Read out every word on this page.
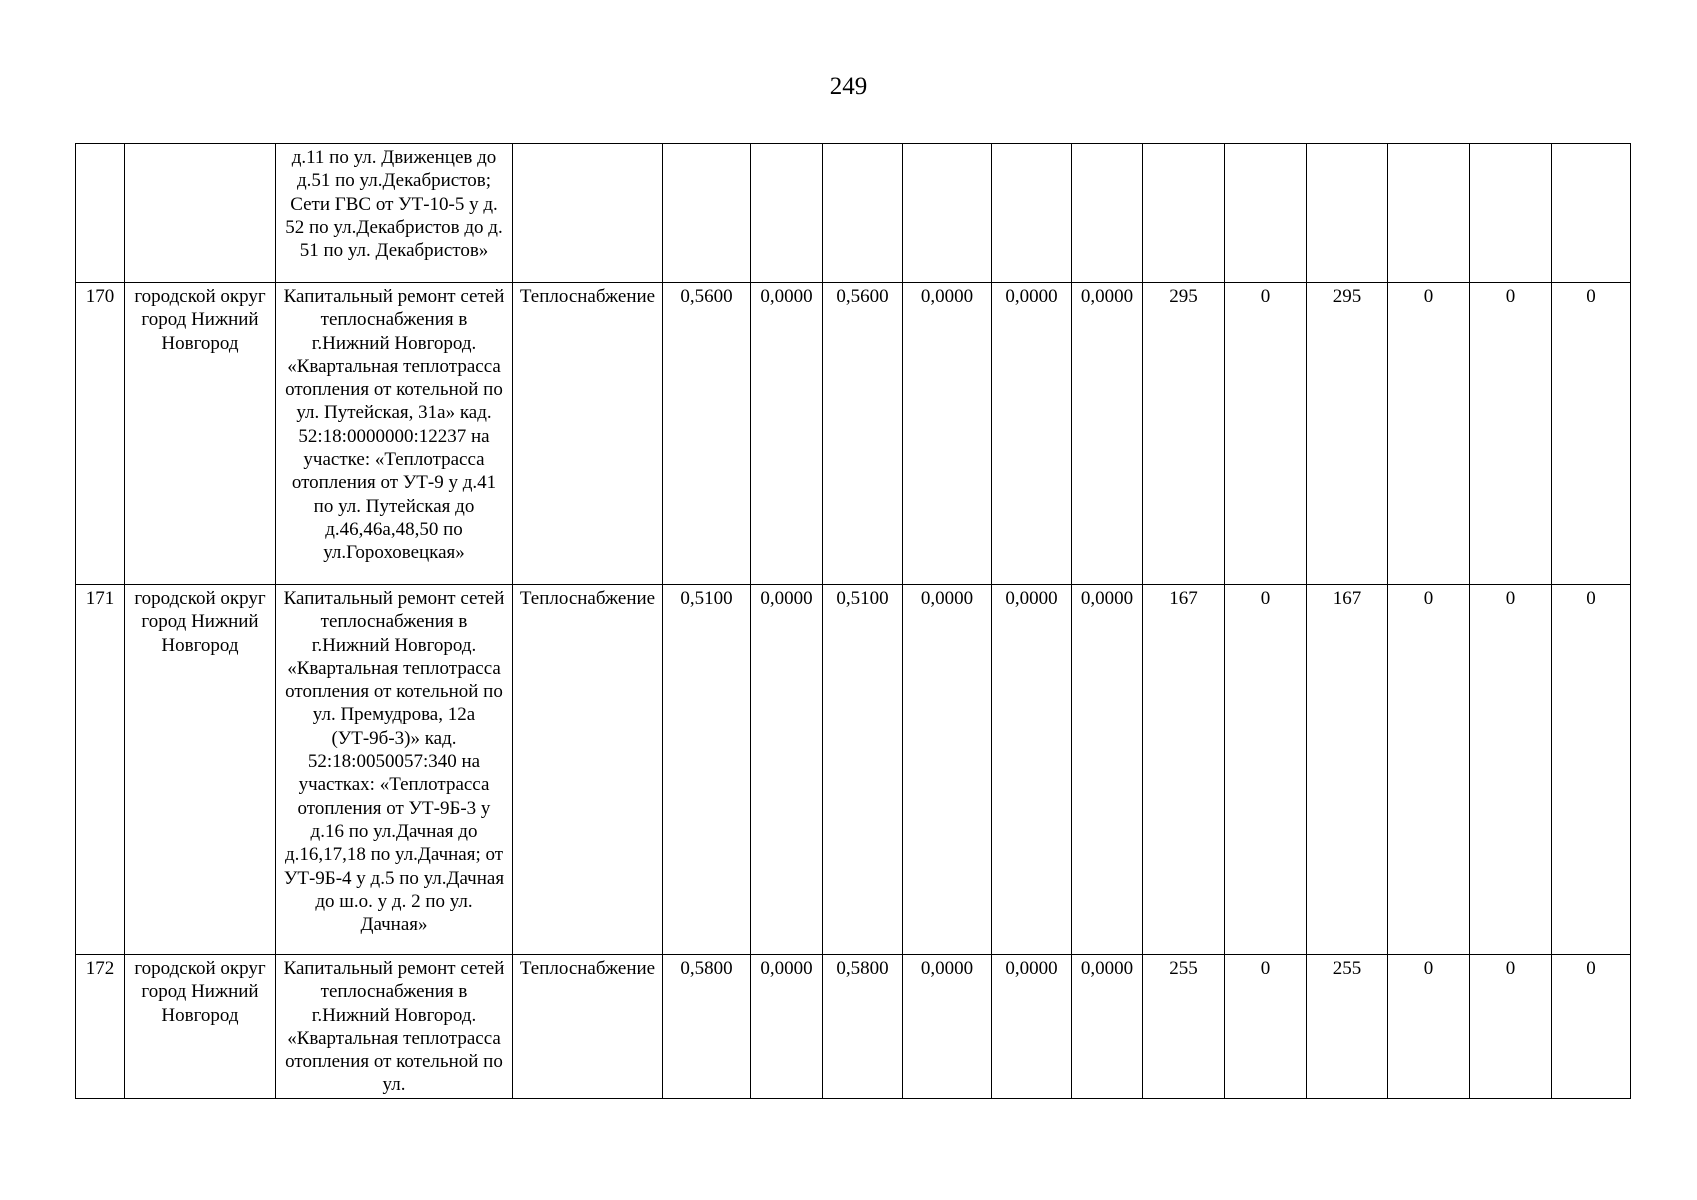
249
		д.11 по ул. Движенцев до д.51 по ул.Декабристов; Сети ГВС от УТ-10-5 у д. 52 по ул.Декабристов до д. 51 по ул. Декабристов»													
170	городской округ город Нижний Новгород	Капитальный ремонт сетей теплоснабжения в г.Нижний Новгород. «Квартальная теплотрасса отопления от котельной по ул. Путейская, 31а» кад. 52:18:0000000:12237 на участке: «Теплотрасса отопления от УТ-9 у д.41 по ул. Путейская до д.46,46а,48,50 по ул.Гороховецкая»	Теплоснабжение	0,5600	0,0000	0,5600	0,0000	0,0000	0,0000	295	0	295	0	0	0
171	городской округ город Нижний Новгород	Капитальный ремонт сетей теплоснабжения в г.Нижний Новгород. «Квартальная теплотрасса отопления от котельной по ул. Премудрова, 12а (УТ-9б-3)» кад. 52:18:0050057:340 на участках: «Теплотрасса отопления от УТ-9Б-3 у д.16 по ул.Дачная до д.16,17,18 по ул.Дачная; от УТ-9Б-4 у д.5 по ул.Дачная до ш.о. у д. 2 по ул. Дачная»	Теплоснабжение	0,5100	0,0000	0,5100	0,0000	0,0000	0,0000	167	0	167	0	0	0
172	городской округ город Нижний Новгород	Капитальный ремонт сетей теплоснабжения в г.Нижний Новгород. «Квартальная теплотрасса отопления от котельной по ул.	Теплоснабжение	0,5800	0,0000	0,5800	0,0000	0,0000	0,0000	255	0	255	0	0	0
